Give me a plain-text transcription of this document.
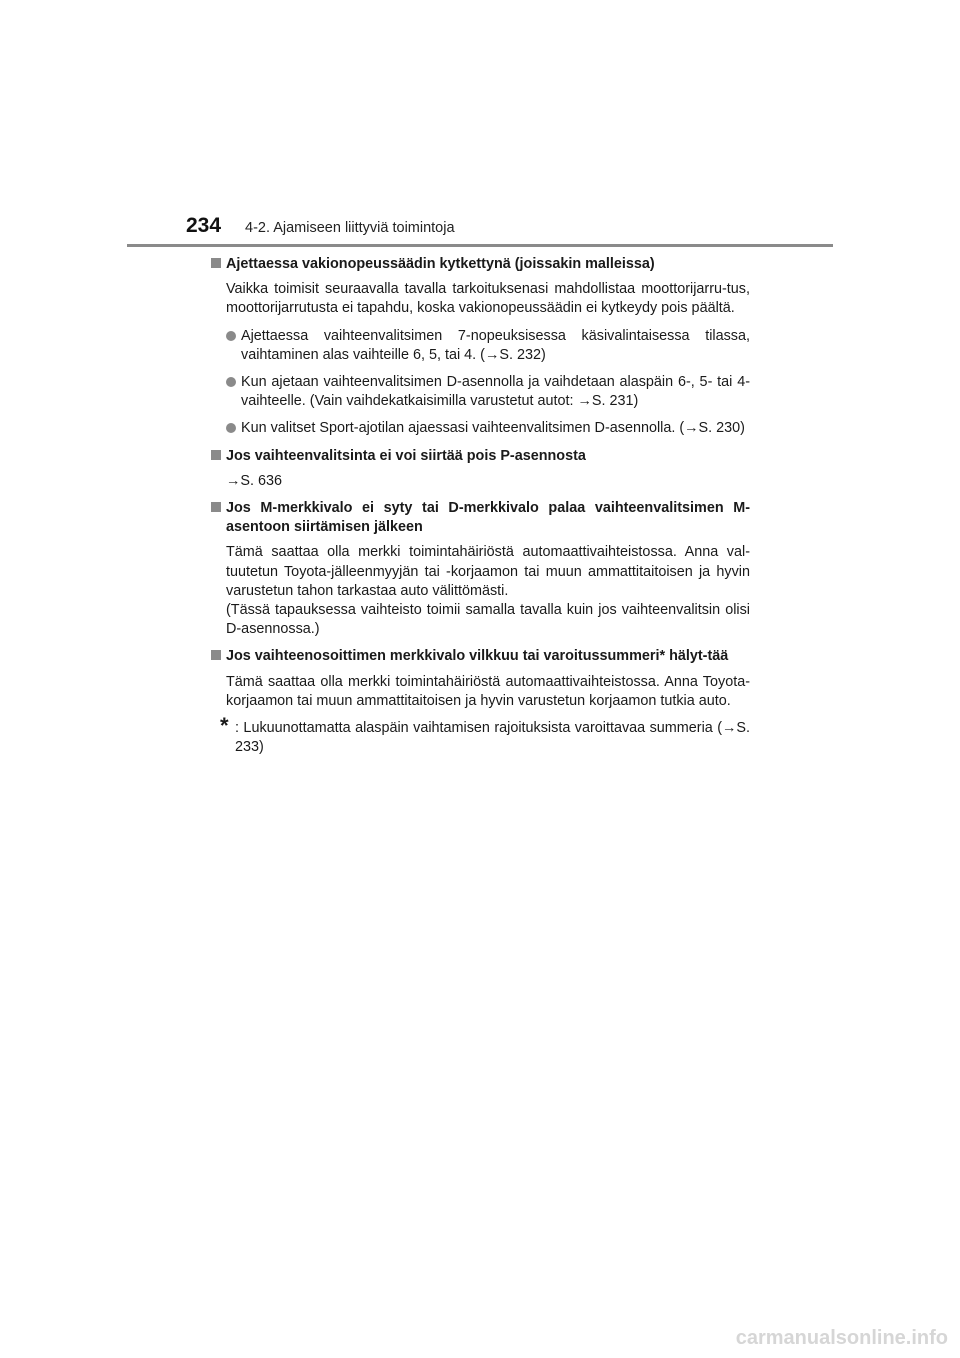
234 4-2. Ajamiseen liittyviä toimintoja
Ajettaessa vakionopeussäädin kytkettynä (joissakin malleissa)

Vaikka toimisit seuraavalla tavalla tarkoituksenasi mahdollistaa moottorijarru-tus, moottorijarrutusta ei tapahdu, koska vakionopeussäädin ei kytkeydy pois päältä.

Ajettaessa vaihteenvalitsimen 7-nopeuksisessa käsivalintaisessa tilassa, vaihtaminen alas vaihteille 6, 5, tai 4. (→S. 232)
Kun ajetaan vaihteenvalitsimen D-asennolla ja vaihdetaan alaspäin 6-, 5- tai 4-vaihteelle. (Vain vaihdekatkaisimilla varustetut autot: →S. 231)
Kun valitset Sport-ajotilan ajaessasi vaihteenvalitsimen D-asennolla. (→S. 230)
Jos vaihteenvalitsinta ei voi siirtää pois P-asennosta

→S. 636

Jos M-merkkivalo ei syty tai D-merkkivalo palaa vaihteenvalitsimen M-asentoon siirtämisen jälkeen

Tämä saattaa olla merkki toimintahäiriöstä automaattivaihteistossa. Anna val-tuutetun Toyota-jälleenmyyjän tai -korjaamon tai muun ammattitaitoisen ja hyvin varustetun tahon tarkastaa auto välittömästi.

(Tässä tapauksessa vaihteisto toimii samalla tavalla kuin jos vaihteenvalitsin olisi D-asennossa.)

Jos vaihteenosoittimen merkkivalo vilkkuu tai varoitussummeri* hälyt-tää

Tämä saattaa olla merkki toimintahäiriöstä automaattivaihteistossa. Anna Toyota-korjaamon tai muun ammattitaitoisen ja hyvin varustetun korjaamon tutkia auto.

* : Lukuunottamatta alaspäin vaihtamisen rajoituksista varoittavaa summeria (→S. 233)
carmanualsonline.info
